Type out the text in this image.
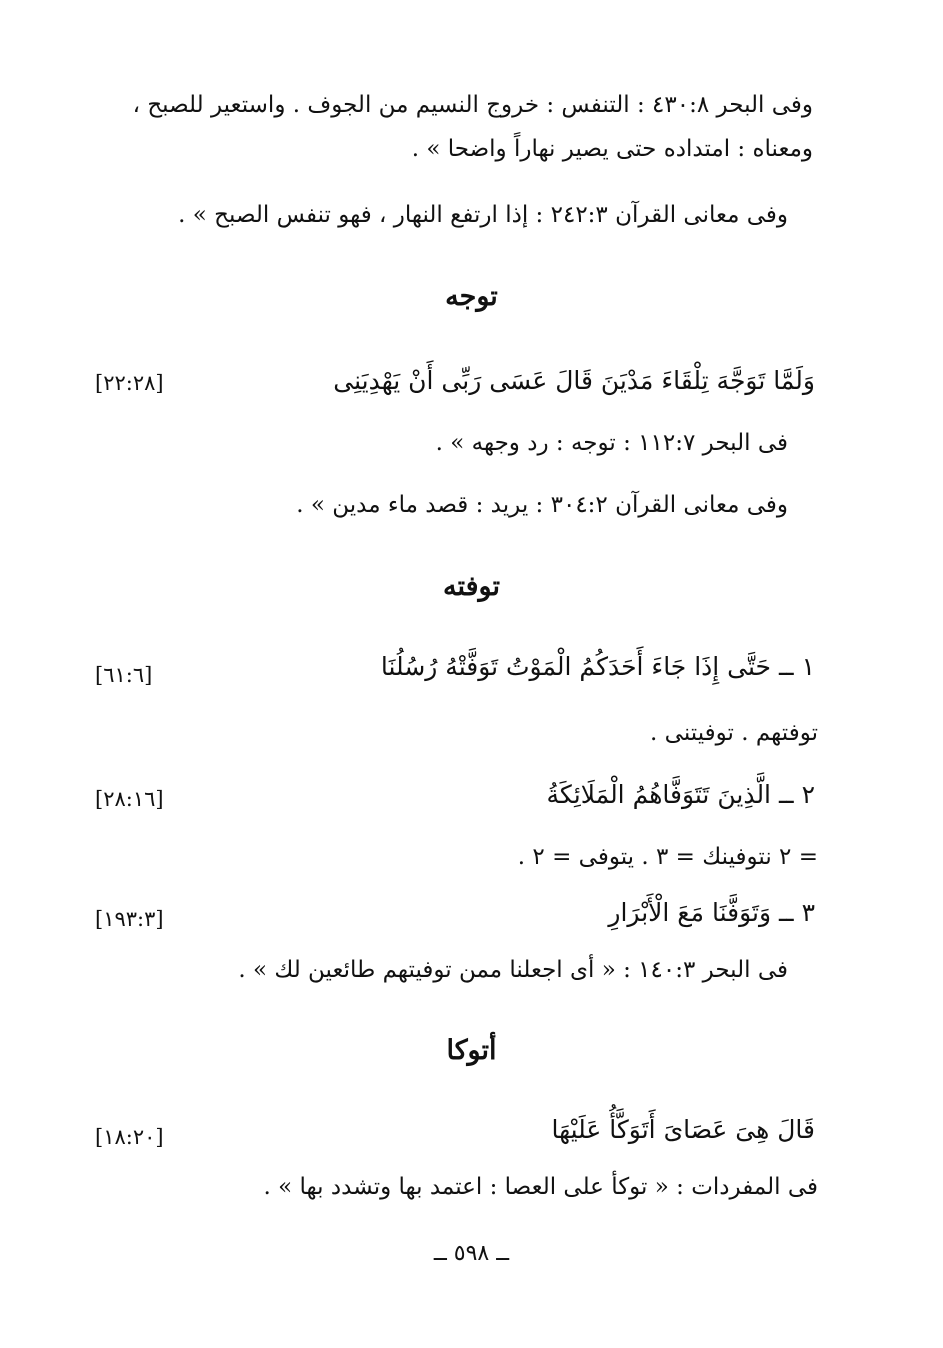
وفى البحر ٤٣٠:٨ : التنفس : خروج النسيم من الجوف . واستعير للصبح ،
ومعناه : امتداده حتى يصير نهاراً واضحا » .
وفى معانى القرآن ٢٤٢:٣ : إذا ارتفع النهار ، فهو تنفس الصبح » .
توجه
وَلَمَّا تَوَجَّهَ تِلْقَاءَ مَدْيَنَ قَالَ عَسَى رَبِّى أَنْ يَهْدِيَنِى
[٢٢:٢٨]
فى البحر ١١٢:٧ : توجه : رد وجهه » .
وفى معانى القرآن ٣٠٤:٢ : يريد : قصد ماء مدين » .
توفته
١ ــ حَتَّى إِذَا جَاءَ أَحَدَكُمُ الْمَوْتُ تَوَفَّتْهُ رُسُلُنَا
[٦١:٦]
توفتهم . توفيتنى .
٢ ــ الَّذِينَ تَتَوَفَّاهُمُ الْمَلَائِكَةُ
[٢٨:١٦]
= ٢ نتوفينك = ٣ . يتوفى = ٢ .
٣ ــ وَتَوَفَّنَا مَعَ الْأَبْرَارِ
[١٩٣:٣]
فى البحر ١٤٠:٣ : « أى اجعلنا ممن توفيتهم طائعين لك » .
أتوكا
قَالَ هِىَ عَصَاىَ أَتَوَكَّأُ عَلَيْهَا
[١٨:٢٠]
فى المفردات : « توكأ على العصا : اعتمد بها وتشدد بها » .
ــ ٥٩٨ ــ
